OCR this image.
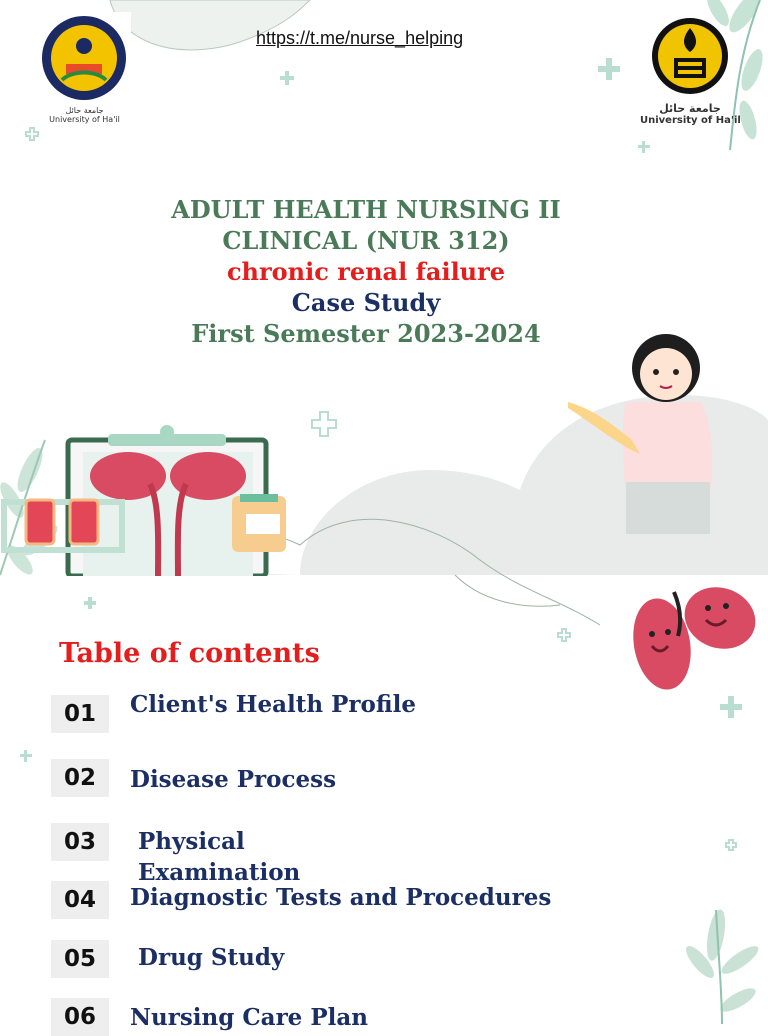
https://t.me/nurse_helping
جامعة حائل
University of Ha'il
جامعة حائل
University of Ha'il
ADULT HEALTH NURSING II
CLINICAL (NUR 312)
chronic renal failure
Case Study
First Semester 2023-2024
Table of contents
01	Client's Health Profile
02	Disease Process
03	Physical
Examination
04	Diagnostic Tests and Procedures
05	Drug Study
06	Nursing Care Plan
